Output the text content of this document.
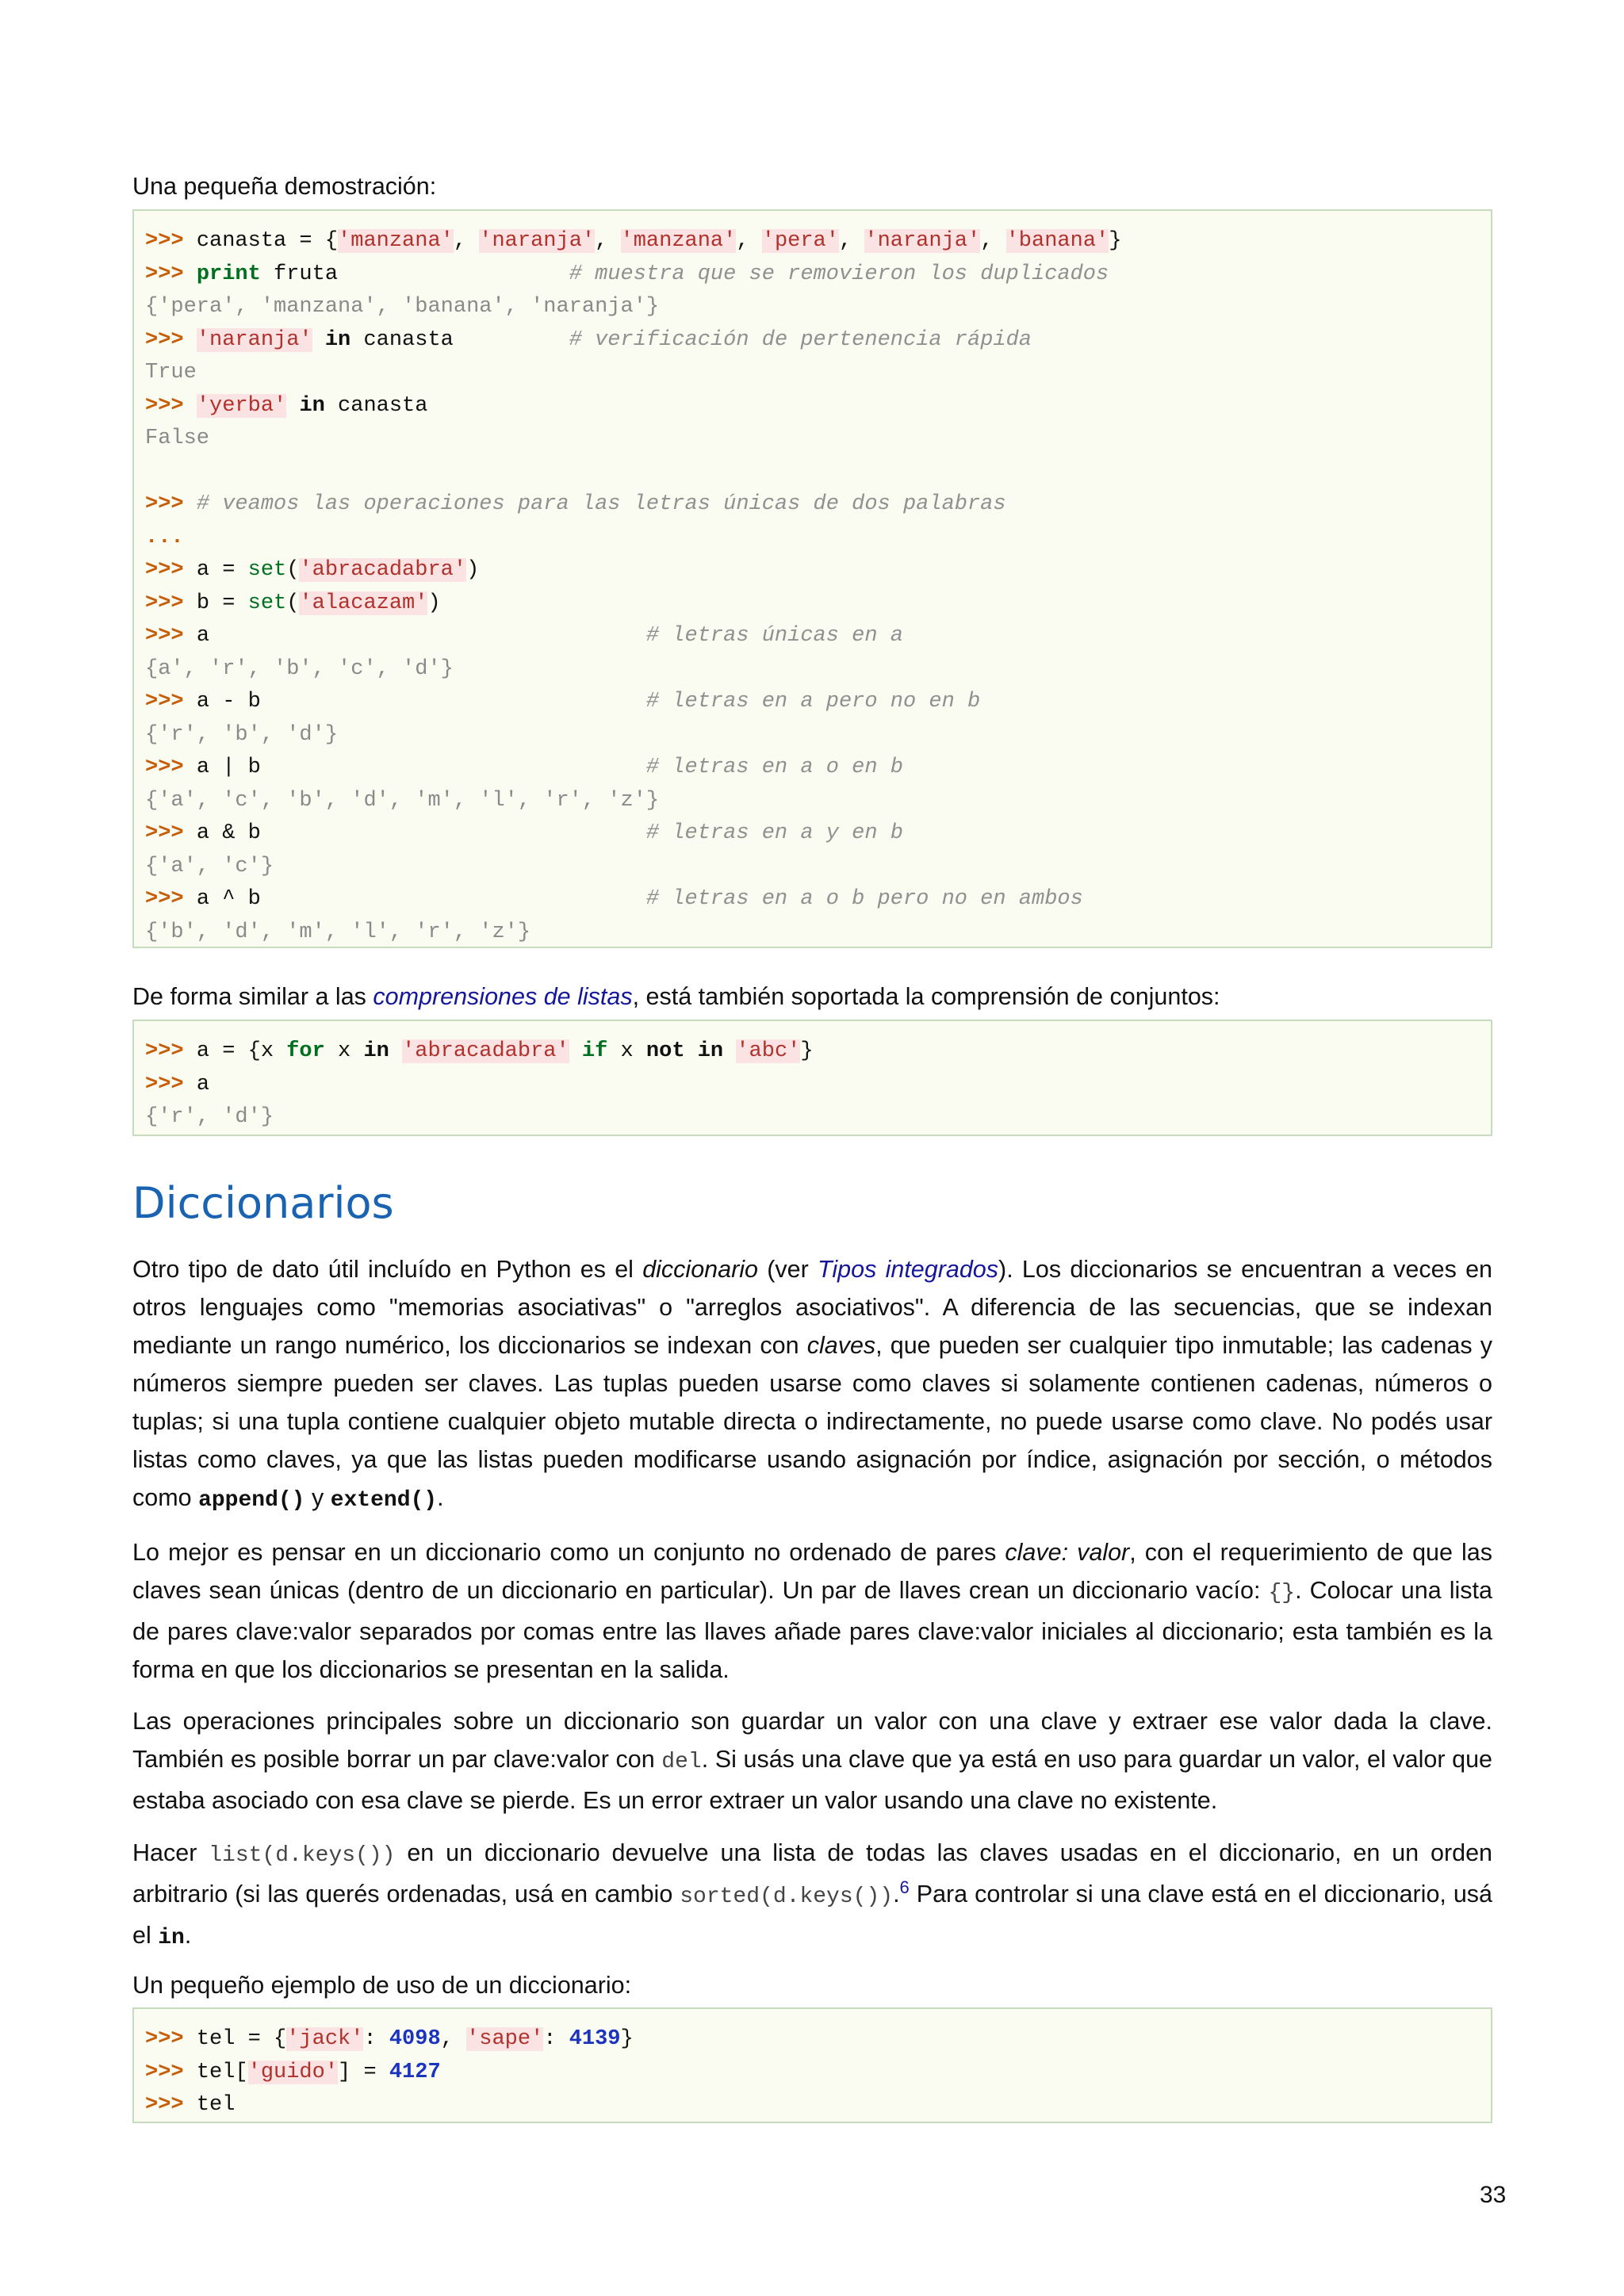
Una pequeña demostración:

>>> canasta = {'manzana', 'naranja', 'manzana', 'pera', 'naranja', 'banana'}
>>> print fruta                  # muestra que se removieron los duplicados
{'pera', 'manzana', 'banana', 'naranja'}
>>> 'naranja' in canasta         # verificación de pertenencia rápida
True
>>> 'yerba' in canasta
False

>>> # veamos las operaciones para las letras únicas de dos palabras
...
>>> a = set('abracadabra')
>>> b = set('alacazam')
>>> a                                  # letras únicas en a
{a', 'r', 'b', 'c', 'd'}
>>> a - b                              # letras en a pero no en b
{'r', 'b', 'd'}
>>> a | b                              # letras en a o en b
{'a', 'c', 'b', 'd', 'm', 'l', 'r', 'z'}
>>> a & b                              # letras en a y en b
{'a', 'c'}
>>> a ^ b                              # letras en a o b pero no en ambos
{'b', 'd', 'm', 'l', 'r', 'z'}

De forma similar a las comprensiones de listas, está también soportada la comprensión de conjuntos:

>>> a = {x for x in 'abracadabra' if x not in 'abc'}
>>> a
{'r', 'd'}
Diccionarios

Otro tipo de dato útil incluído en Python es el diccionario (ver Tipos integrados). Los diccionarios se encuentran a veces en otros lenguajes como "memorias asociativas" o "arreglos asociativos". A diferencia de las secuencias, que se indexan mediante un rango numérico, los diccionarios se indexan con claves, que pueden ser cualquier tipo inmutable; las cadenas y números siempre pueden ser claves. Las tuplas pueden usarse como claves si solamente contienen cadenas, números o tuplas; si una tupla contiene cualquier objeto mutable directa o indirectamente, no puede usarse como clave. No podés usar listas como claves, ya que las listas pueden modificarse usando asignación por índice, asignación por sección, o métodos como append() y extend().

Lo mejor es pensar en un diccionario como un conjunto no ordenado de pares clave: valor, con el requerimiento de que las claves sean únicas (dentro de un diccionario en particular). Un par de llaves crean un diccionario vacío: {}. Colocar una lista de pares clave:valor separados por comas entre las llaves añade pares clave:valor iniciales al diccionario; esta también es la forma en que los diccionarios se presentan en la salida.

Las operaciones principales sobre un diccionario son guardar un valor con una clave y extraer ese valor dada la clave. También es posible borrar un par clave:valor con del. Si usás una clave que ya está en uso para guardar un valor, el valor que estaba asociado con esa clave se pierde. Es un error extraer un valor usando una clave no existente.

Hacer list(d.keys()) en un diccionario devuelve una lista de todas las claves usadas en el diccionario, en un orden arbitrario (si las querés ordenadas, usá en cambio sorted(d.keys()).$^6$ Para controlar si una clave está en el diccionario, usá el in.

Un pequeño ejemplo de uso de un diccionario:

>>> tel = {'jack': 4098, 'sape': 4139}
>>> tel['guido'] = 4127
>>> tel
33
